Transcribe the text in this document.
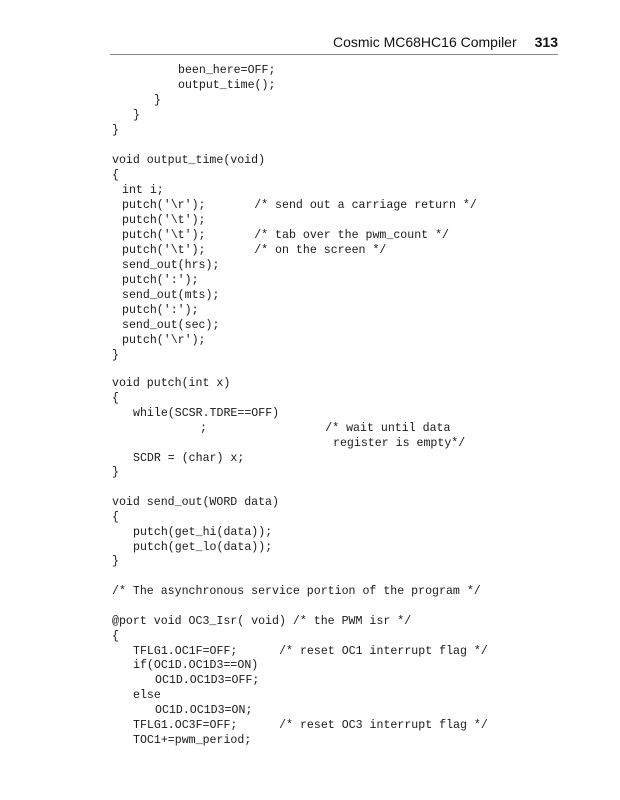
Cosmic MC68HC16 Compiler 313
been_here=OFF;
output_time();
}
}
}
void output_time(void)
{
int i;
putch('\r');       /* send out a carriage return */
putch('\t');
putch('\t');       /* tab over the pwm_count */
putch('\t');       /* on the screen */
send_out(hrs);
putch(':');
send_out(mts);
putch(':');
send_out(sec);
putch('\r');
}
void putch(int x)
{
while(SCSR.TDRE==OFF)
;                 /* wait until data
register is empty*/
SCDR = (char) x;
}
void send_out(WORD data)
{
putch(get_hi(data));
putch(get_lo(data));
}
/* The asynchronous service portion of the program */
@port void OC3_Isr( void) /* the PWM isr */
{
TFLG1.OC1F=OFF;      /* reset OC1 interrupt flag */
if(OC1D.OC1D3==ON)
OC1D.OC1D3=OFF;
else
OC1D.OC1D3=ON;
TFLG1.OC3F=OFF;      /* reset OC3 interrupt flag */
TOC1+=pwm_period;
